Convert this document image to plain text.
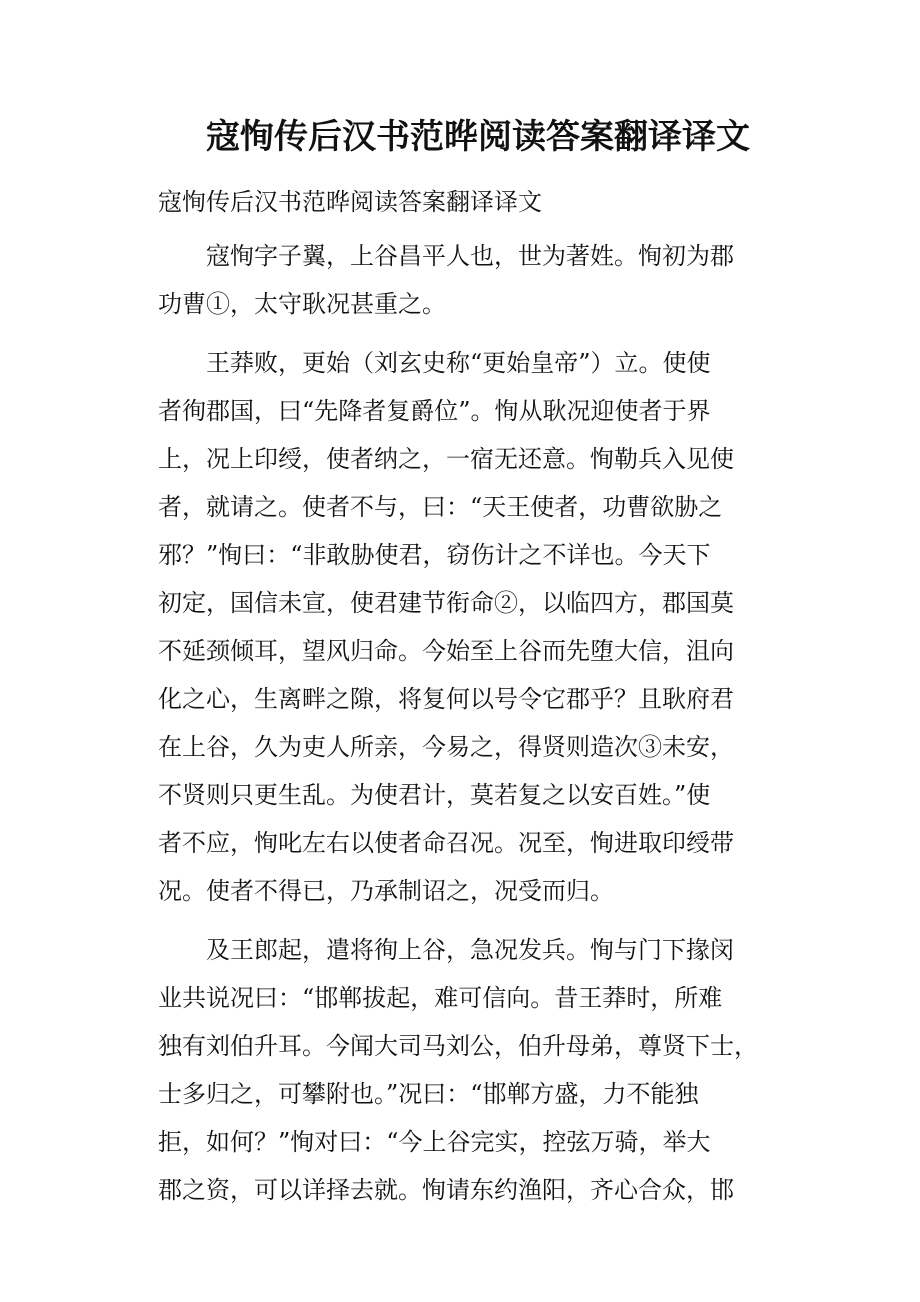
寇恂传后汉书范晔阅读答案翻译译文

寇恂传后汉书范晔阅读答案翻译译文

寇恂字子翼，上谷昌平人也，世为著姓。恂初为郡
功曹①，太守耿况甚重之。

王莽败，更始（刘玄史称“更始皇帝”）立。使使
者徇郡国，曰“先降者复爵位”。恂从耿况迎使者于界
上，况上印绶，使者纳之，一宿无还意。恂勒兵入见使
者，就请之。使者不与，曰：“天王使者，功曹欲胁之
邪？”恂曰：“非敢胁使君，窃伤计之不详也。今天下
初定，国信未宣，使君建节衔命②，以临四方，郡国莫
不延颈倾耳，望风归命。今始至上谷而先堕大信，沮向
化之心，生离畔之隙，将复何以号令它郡乎？且耿府君
在上谷，久为吏人所亲，今易之，得贤则造次③未安，
不贤则只更生乱。为使君计，莫若复之以安百姓。”使
者不应，恂叱左右以使者命召况。况至，恂进取印绶带
况。使者不得已，乃承制诏之，况受而归。

及王郎起，遣将徇上谷，急况发兵。恂与门下掾闵
业共说况曰：“邯郸拔起，难可信向。昔王莽时，所难
独有刘伯升耳。今闻大司马刘公，伯升母弟，尊贤下士，
士多归之，可攀附也。”况曰：“邯郸方盛，力不能独
拒，如何？”恂对曰：“今上谷完实，控弦万骑，举大
郡之资，可以详择去就。恂请东约渔阳，齐心合众，邯
